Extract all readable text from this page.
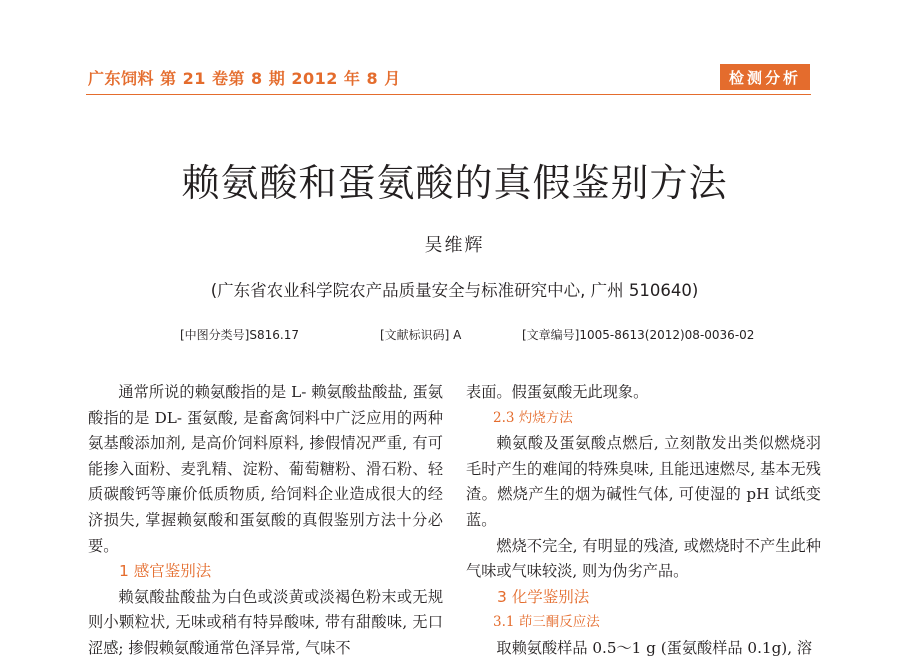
广东饲料 第 21 卷第 8 期 2012 年 8 月	检测分析
赖氨酸和蛋氨酸的真假鉴别方法
吴维辉
(广东省农业科学院农产品质量安全与标准研究中心, 广州 510640)
[中图分类号]S816.17	[文献标识码] A	[文章编号]1005-8613(2012)08-0036-02

通常所说的赖氨酸指的是 L- 赖氨酸盐酸盐, 蛋氨酸指的是 DL- 蛋氨酸, 是畜禽饲料中广泛应用的两种氨基酸添加剂, 是高价饲料原料, 掺假情况严重, 有可能掺入面粉、麦乳精、淀粉、葡萄糖粉、滑石粉、轻质碳酸钙等廉价低质物质, 给饲料企业造成很大的经济损失, 掌握赖氨酸和蛋氨酸的真假鉴别方法十分必要。

1 感官鉴别法

赖氨酸盐酸盐为白色或淡黄或淡褐色粉末或无规则小颗粒状, 无味或稍有特异酸味, 带有甜酸味, 无口涩感; 掺假赖氨酸通常色泽异常, 气味不

表面。假蛋氨酸无此现象。

2.3 灼烧方法

赖氨酸及蛋氨酸点燃后, 立刻散发出类似燃烧羽毛时产生的难闻的特殊臭味, 且能迅速燃尽, 基本无残渣。燃烧产生的烟为碱性气体, 可使湿的 pH 试纸变蓝。

燃烧不完全, 有明显的残渣, 或燃烧时不产生此种气味或气味较淡, 则为伪劣产品。

3 化学鉴别法
3.1 茚三酮反应法

取赖氨酸样品 0.5～1 g (蛋氨酸样品 0.1g), 溶
